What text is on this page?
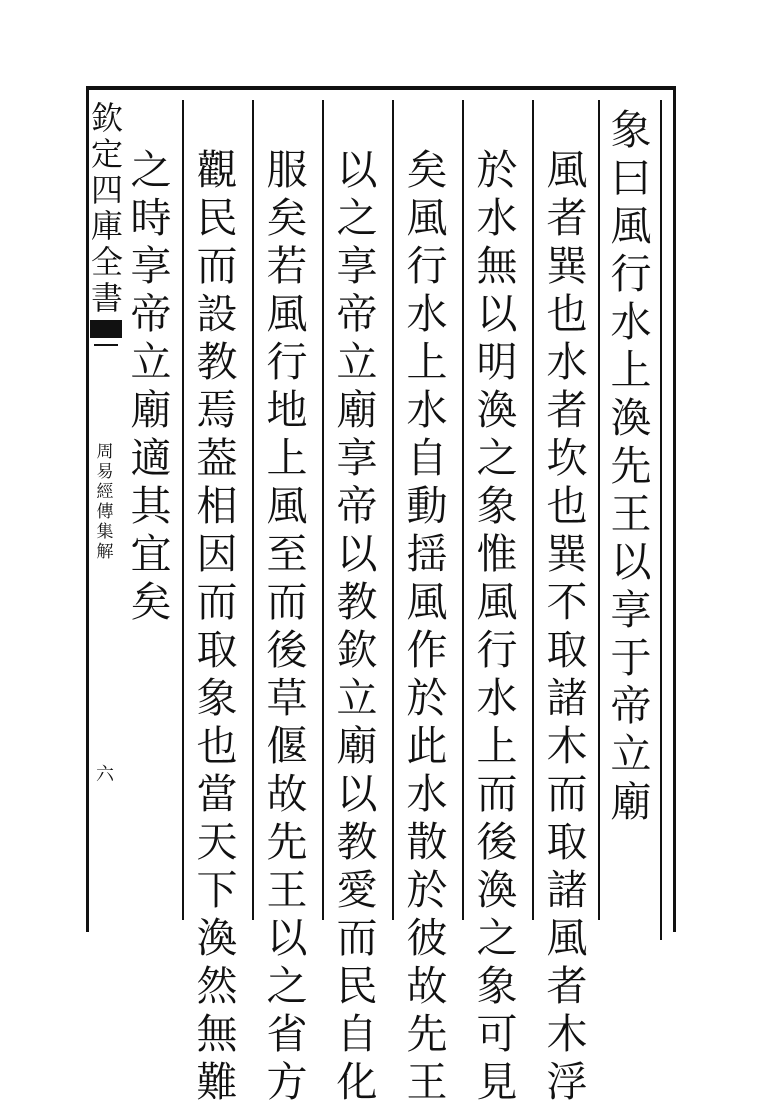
欽
定
四
庫
全
書
周
易
經
傳
集
解
六
象
曰
風
行
水
上
渙
先
王
以
享
于
帝
立
廟
風
者
巽
也
水
者
坎
也
巽
不
取
諸
木
而
取
諸
風
者
木
浮
於
水
無
以
明
渙
之
象
惟
風
行
水
上
而
後
渙
之
象
可
見
矣
風
行
水
上
水
自
動
揺
風
作
於
此
水
散
於
彼
故
先
王
以
之
享
帝
立
廟
享
帝
以
教
欽
立
廟
以
教
愛
而
民
自
化
服
矣
若
風
行
地
上
風
至
而
後
草
偃
故
先
王
以
之
省
方
觀
民
而
設
教
焉
葢
相
因
而
取
象
也
當
天
下
渙
然
無
難
之
時
享
帝
立
廟
適
其
宜
矣
